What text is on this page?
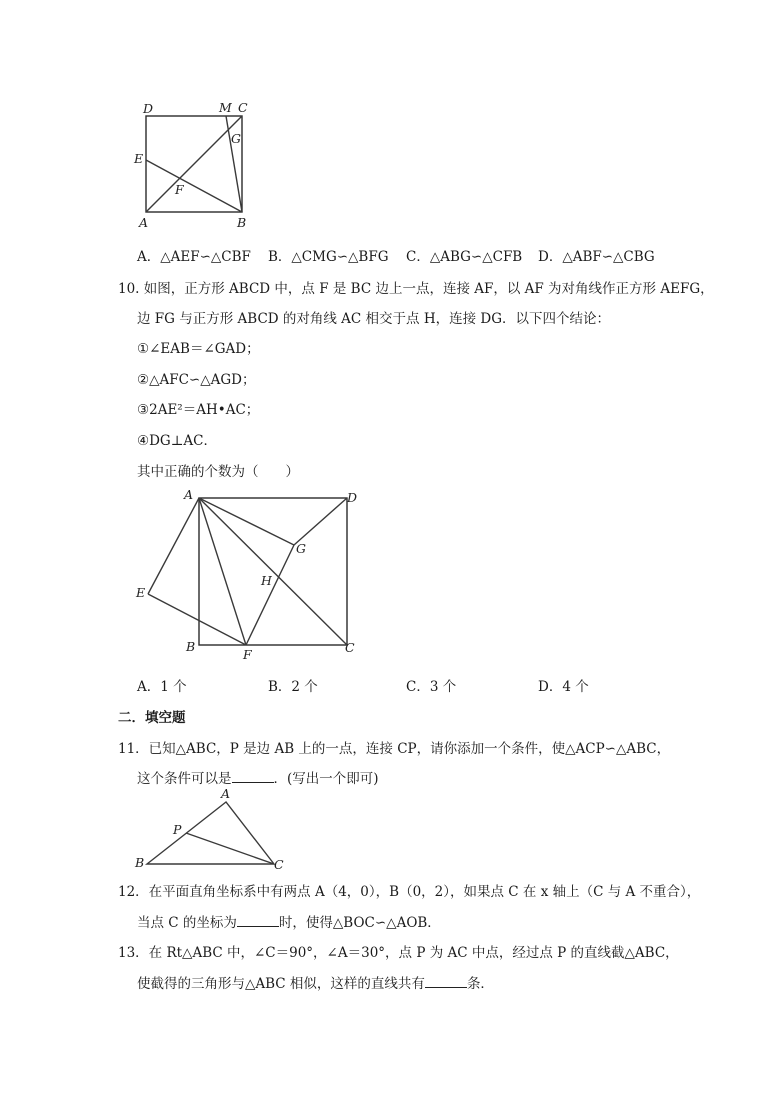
D	M C
G
E
F
A	B
A．△AEF∽△CBF B．△CMG∽△BFG C．△ABG∽△CFB D．△ABF∽△CBG
10. 如图，正方形 ABCD 中，点 F 是 BC 边上一点，连接 AF，以 AF 为对角线作正方形 AEFG，
边 FG 与正方形 ABCD 的对角线 AC 相交于点 H，连接 DG．以下四个结论：
①∠EAB＝∠GAD；
②△AFC∽△AGD；
③2AE²＝AH•AC；
④DG⊥AC．
其中正确的个数为（　　）
A	D
G
H
E
B
F	C
A．1 个	B．2 个	C．3 个	D．4 个
二．填空题
11．已知△ABC，P 是边 AB 上的一点，连接 CP，请你添加一个条件，使△ACP∽△ABC，
这个条件可以是	．(写出一个即可)
A
P
B	C
12．在平面直角坐标系中有两点 A（4，0），B（0，2），如果点 C 在 x 轴上（C 与 A 不重合），
当点 C 的坐标为	时，使得△BOC∽△AOB．
13．在 Rt△ABC 中，∠C＝90°，∠A＝30°，点 P 为 AC 中点，经过点 P 的直线截△ABC，
使截得的三角形与△ABC 相似，这样的直线共有	条．
